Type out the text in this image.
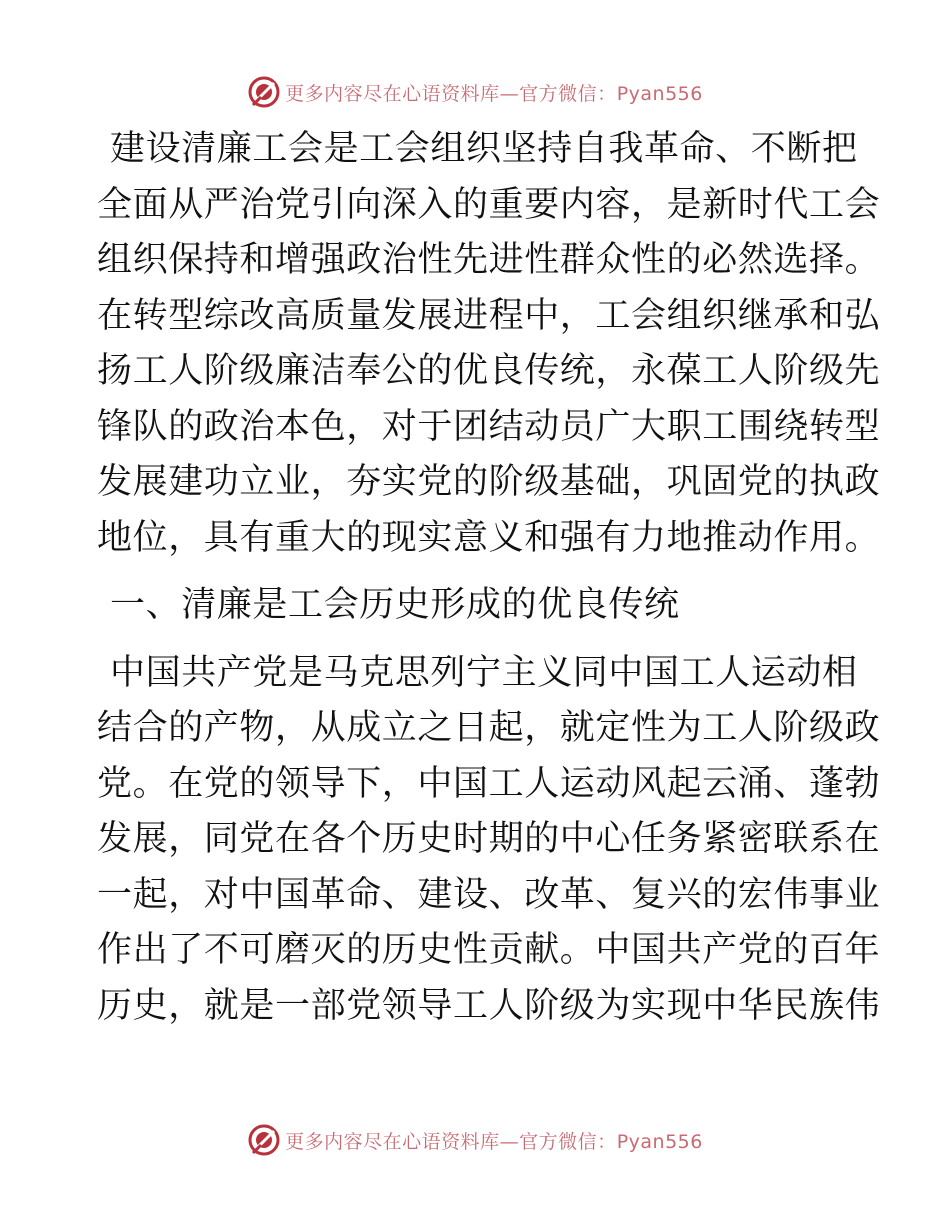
更多内容尽在心语资料库—官方微信：Pyan556
建设清廉工会是工会组织坚持自我革命、不断把
全面从严治党引向深入的重要内容，是新时代工会
组织保持和增强政治性先进性群众性的必然选择。
在转型综改高质量发展进程中，工会组织继承和弘
扬工人阶级廉洁奉公的优良传统，永葆工人阶级先
锋队的政治本色，对于团结动员广大职工围绕转型
发展建功立业，夯实党的阶级基础，巩固党的执政
地位，具有重大的现实意义和强有力地推动作用。
一、清廉是工会历史形成的优良传统
中国共产党是马克思列宁主义同中国工人运动相
结合的产物，从成立之日起，就定性为工人阶级政
党。在党的领导下，中国工人运动风起云涌、蓬勃
发展，同党在各个历史时期的中心任务紧密联系在
一起，对中国革命、建设、改革、复兴的宏伟事业
作出了不可磨灭的历史性贡献。中国共产党的百年
历史，就是一部党领导工人阶级为实现中华民族伟
更多内容尽在心语资料库—官方微信：Pyan556
